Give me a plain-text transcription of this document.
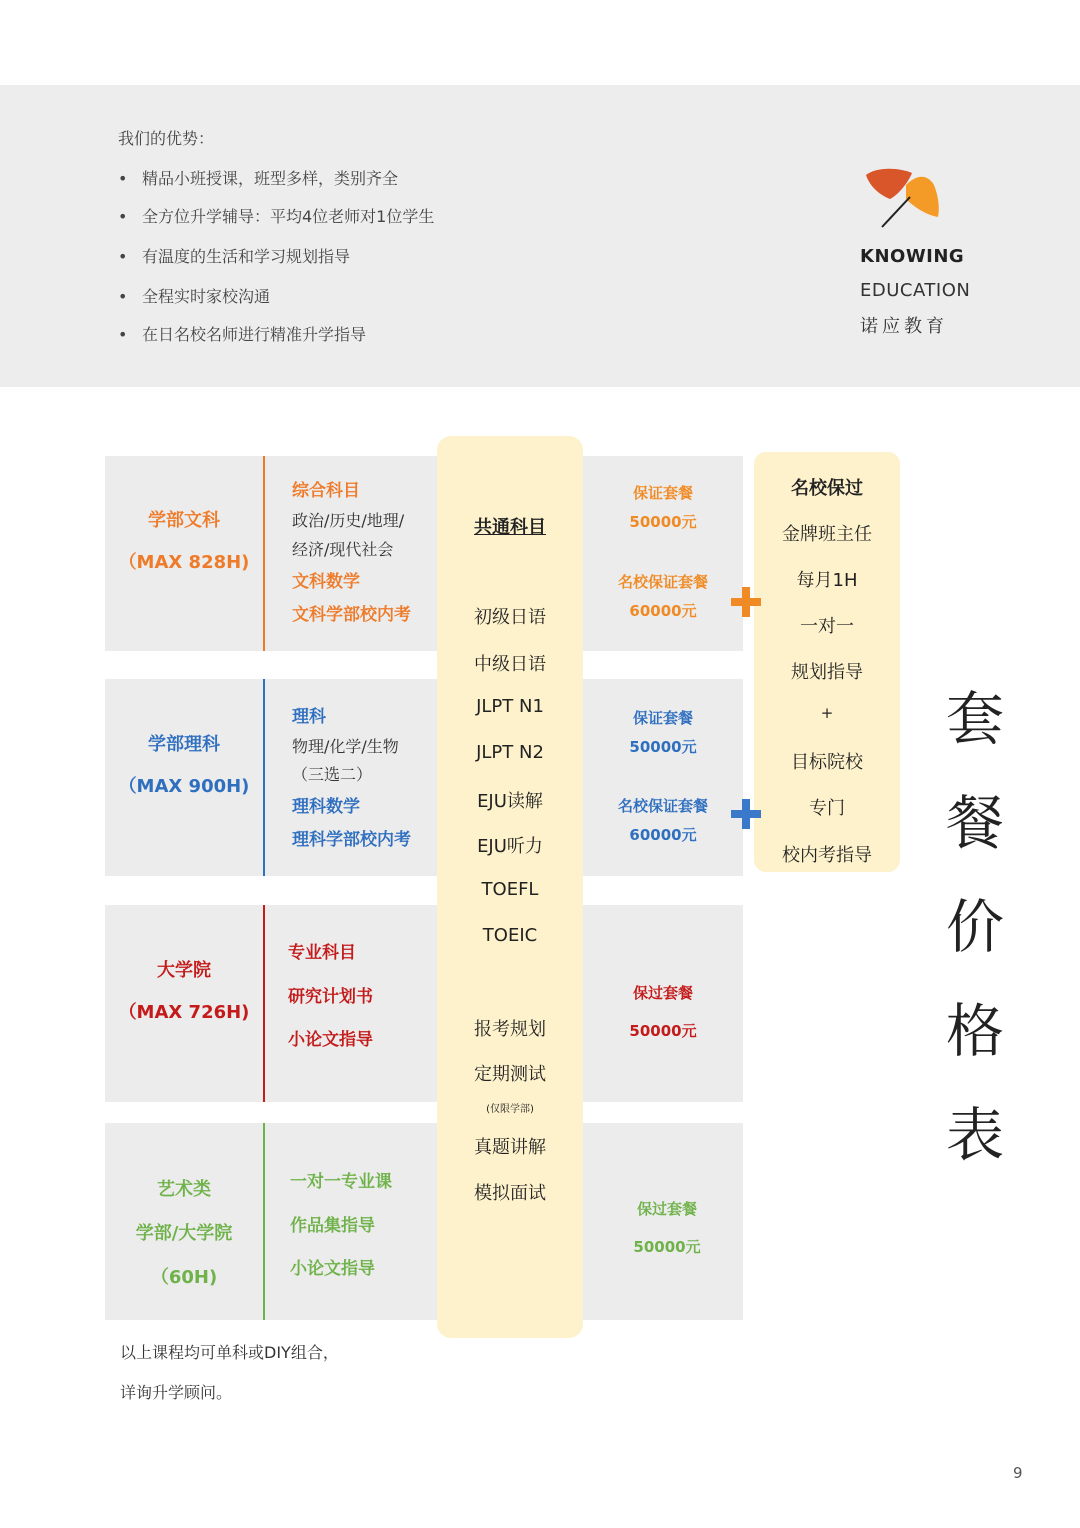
我们的优势：
• 精品小班授课，班型多样，类别齐全
• 全方位升学辅导：平均4位老师对1位学生
• 有温度的生活和学习规划指导
• 全程实时家校沟通
• 在日名校名师进行精准升学指导
KNOWING
EDUCATION
诺应教育
学部文科
（MAX 828H)
综合科目
政治/历史/地理/
经济/现代社会
文科数学
文科学部校内考
保证套餐
50000元
名校保证套餐
60000元
学部理科
（MAX 900H)
理科
物理/化学/生物
（三选二）
理科数学
理科学部校内考
保证套餐
50000元
名校保证套餐
60000元
大学院
（MAX 726H)
专业科目
研究计划书
小论文指导
保过套餐
50000元
艺术类
学部/大学院
（60H)
一对一专业课
作品集指导
小论文指导
保过套餐
50000元
共通科目
初级日语
中级日语
JLPT N1
JLPT N2
EJU读解
EJU听力
TOEFL
TOEIC
报考规划
定期测试
(仅限学部)
真题讲解
模拟面试
名校保过
金牌班主任
每月1H
一对一
规划指导
+
目标院校
专门
校内考指导
套
餐
价
格
表
以上课程均可单科或DIY组合，
详询升学顾问。
9
